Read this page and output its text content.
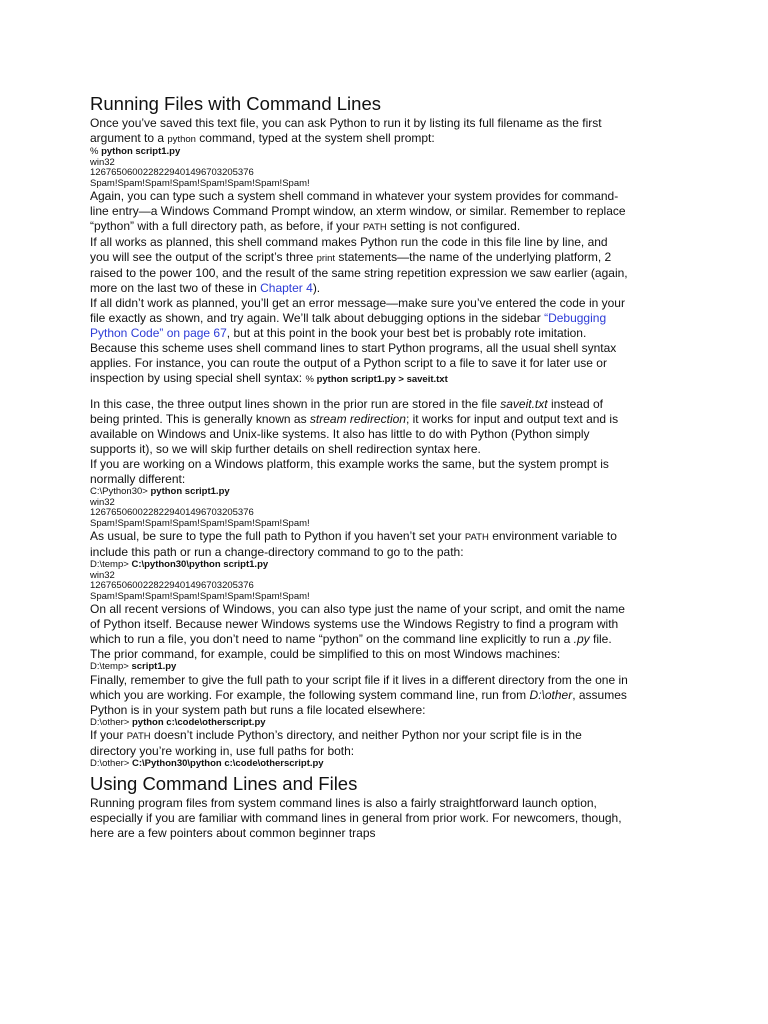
Running Files with Command Lines

Once you’ve saved this text file, you can ask Python to run it by listing its full filename as the first argument to a python command, typed at the system shell prompt:

% python script1.py
win32
1267650600228229401496703205376
Spam!Spam!Spam!Spam!Spam!Spam!Spam!Spam!

Again, you can type such a system shell command in whatever your system provides for command-line entry—a Windows Command Prompt window, an xterm window, or similar. Remember to replace “python” with a full directory path, as before, if your PATH setting is not configured.

If all works as planned, this shell command makes Python run the code in this file line by line, and you will see the output of the script’s three print statements—the name of the underlying platform, 2 raised to the power 100, and the result of the same string repetition expression we saw earlier (again, more on the last two of these in Chapter 4).

If all didn’t work as planned, you’ll get an error message—make sure you’ve entered the code in your file exactly as shown, and try again. We’ll talk about debugging options in the sidebar “Debugging Python Code” on page 67, but at this point in the book your best bet is probably rote imitation.

Because this scheme uses shell command lines to start Python programs, all the usual shell syntax applies. For instance, you can route the output of a Python script to a file to save it for later use or inspection by using special shell syntax: % python script1.py > saveit.txt

In this case, the three output lines shown in the prior run are stored in the file saveit.txt instead of being printed. This is generally known as stream redirection; it works for input and output text and is available on Windows and Unix-like systems. It also has little to do with Python (Python simply supports it), so we will skip further details on shell redirection syntax here.

If you are working on a Windows platform, this example works the same, but the system prompt is normally different:

C:\Python30> python script1.py
win32
1267650600228229401496703205376
Spam!Spam!Spam!Spam!Spam!Spam!Spam!Spam!

As usual, be sure to type the full path to Python if you haven’t set your PATH environment variable to include this path or run a change-directory command to go to the path:

D:\temp> C:\python30\python script1.py
win32
1267650600228229401496703205376
Spam!Spam!Spam!Spam!Spam!Spam!Spam!Spam!

On all recent versions of Windows, you can also type just the name of your script, and omit the name of Python itself. Because newer Windows systems use the Windows Registry to find a program with which to run a file, you don’t need to name “python” on the command line explicitly to run a .py file. The prior command, for example, could be simplified to this on most Windows machines:

D:\temp> script1.py

Finally, remember to give the full path to your script file if it lives in a different directory from the one in which you are working. For example, the following system command line, run from D:\other, assumes Python is in your system path but runs a file located elsewhere:

D:\other> python c:\code\otherscript.py

If your PATH doesn’t include Python’s directory, and neither Python nor your script file is in the directory you’re working in, use full paths for both:

D:\other> C:\Python30\python c:\code\otherscript.py
Using Command Lines and Files

Running program files from system command lines is also a fairly straightforward launch option, especially if you are familiar with command lines in general from prior work. For newcomers, though, here are a few pointers about common beginner traps
